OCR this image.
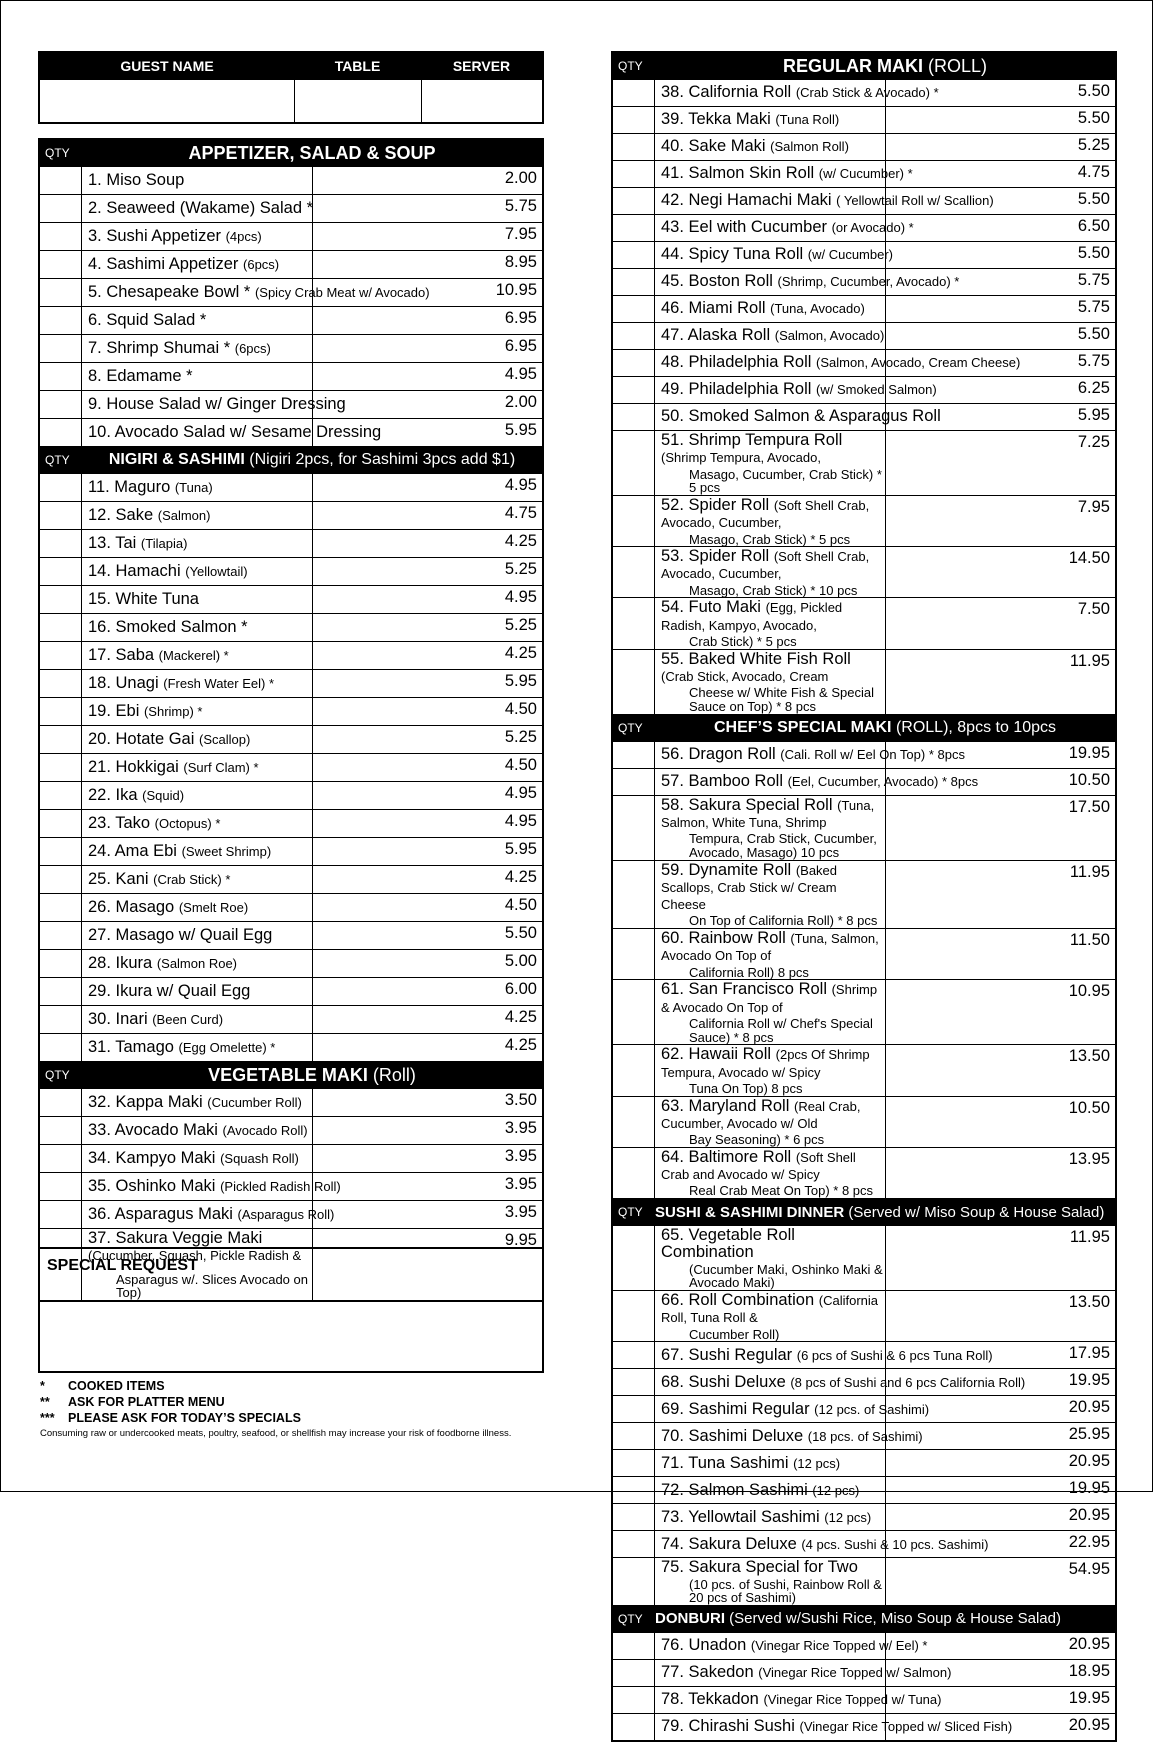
GUEST NAME	TABLE	SERVER

QTY	APPETIZER, SALAD & SOUP	
	1. Miso Soup	2.00
	2. Seaweed (Wakame) Salad *	5.75
	3. Sushi Appetizer (4pcs)	7.95
	4. Sashimi Appetizer (6pcs)	8.95
	5. Chesapeake Bowl * (Spicy Crab Meat w/ Avocado)	10.95
	6. Squid Salad *	6.95
	7. Shrimp Shumai * (6pcs)	6.95
	8. Edamame *	4.95
	9. House Salad w/ Ginger Dressing	2.00
	10. Avocado Salad w/ Sesame Dressing	5.95
QTY	NIGIRI & SASHIMI (Nigiri 2pcs, for Sashimi 3pcs add $1)	
	11. Maguro (Tuna)	4.95
	12. Sake (Salmon)	4.75
	13. Tai (Tilapia)	4.25
	14. Hamachi (Yellowtail)	5.25
	15. White Tuna	4.95
	16. Smoked Salmon *	5.25
	17. Saba (Mackerel) *	4.25
	18. Unagi (Fresh Water Eel) *	5.95
	19. Ebi (Shrimp) *	4.50
	20. Hotate Gai (Scallop)	5.25
	21. Hokkigai (Surf Clam) *	4.50
	22. Ika (Squid)	4.95
	23. Tako (Octopus) *	4.95
	24. Ama Ebi (Sweet Shrimp)	5.95
	25. Kani (Crab Stick) *	4.25
	26. Masago (Smelt Roe)	4.50
	27. Masago w/ Quail Egg	5.50
	28. Ikura (Salmon Roe)	5.00
	29. Ikura w/ Quail Egg	6.00
	30. Inari (Been Curd)	4.25
	31. Tamago (Egg Omelette) *	4.25
QTY	VEGETABLE MAKI (Roll)	
	32. Kappa Maki (Cucumber Roll)	3.50
	33. Avocado Maki (Avocado Roll)	3.95
	34. Kampyo Maki (Squash Roll)	3.95
	35. Oshinko Maki (Pickled Radish Roll)	3.95
	36. Asparagus Maki (Asparagus Roll)	3.95
	37. Sakura Veggie Maki (Cucumber, Squash, Pickle Radish &
Asparagus w/. Slices Avocado on Top)	9.95
SPECIAL REQUEST
*	COOKED ITEMS
**	ASK FOR PLATTER MENU
***	PLEASE ASK FOR TODAY’S SPECIALS
Consuming raw or undercooked meats, poultry, seafood, or shellfish may increase your risk of foodborne illness.
QTY	REGULAR MAKI (ROLL)	
	38. California Roll (Crab Stick & Avocado) *	5.50
	39. Tekka Maki (Tuna Roll)	5.50
	40. Sake Maki (Salmon Roll)	5.25
	41. Salmon Skin Roll (w/ Cucumber) *	4.75
	42. Negi Hamachi Maki ( Yellowtail Roll w/ Scallion)	5.50
	43. Eel with Cucumber (or Avocado) *	6.50
	44. Spicy Tuna Roll (w/ Cucumber)	5.50
	45. Boston Roll (Shrimp, Cucumber, Avocado) *	5.75
	46. Miami Roll (Tuna, Avocado)	5.75
	47. Alaska Roll (Salmon, Avocado)	5.50
	48. Philadelphia Roll (Salmon, Avocado, Cream Cheese)	5.75
	49. Philadelphia Roll (w/ Smoked Salmon)	6.25
	50. Smoked Salmon & Asparagus Roll	5.95
	51. Shrimp Tempura Roll (Shrimp Tempura, Avocado,
Masago, Cucumber, Crab Stick) * 5 pcs	7.25
	52. Spider Roll (Soft Shell Crab, Avocado, Cucumber,
Masago, Crab Stick) * 5 pcs	7.95
	53. Spider Roll (Soft Shell Crab, Avocado, Cucumber,
Masago, Crab Stick) * 10 pcs	14.50
	54. Futo Maki (Egg, Pickled Radish, Kampyo, Avocado,
Crab Stick) * 5 pcs	7.50
	55. Baked White Fish Roll (Crab Stick, Avocado, Cream
Cheese w/ White Fish & Special Sauce on Top) * 8 pcs	11.95
QTY	CHEF’S SPECIAL MAKI (ROLL), 8pcs to 10pcs	
	56. Dragon Roll (Cali. Roll w/ Eel On Top) * 8pcs	19.95
	57. Bamboo Roll (Eel, Cucumber, Avocado) * 8pcs	10.50
	58. Sakura Special Roll (Tuna, Salmon, White Tuna, Shrimp
Tempura, Crab Stick, Cucumber, Avocado, Masago) 10 pcs	17.50
	59. Dynamite Roll (Baked Scallops, Crab Stick w/ Cream Cheese
On Top of California Roll) * 8 pcs	11.95
	60. Rainbow Roll (Tuna, Salmon, Avocado On Top of
California Roll) 8 pcs	11.50
	61. San Francisco Roll (Shrimp & Avocado On Top of
California Roll w/ Chef's Special Sauce) * 8 pcs	10.95
	62. Hawaii Roll (2pcs Of Shrimp Tempura, Avocado w/ Spicy
Tuna On Top) 8 pcs	13.50
	63. Maryland Roll (Real Crab, Cucumber, Avocado w/ Old
Bay Seasoning) * 6 pcs	10.50
	64. Baltimore Roll (Soft Shell Crab and Avocado w/ Spicy
Real Crab Meat On Top) * 8 pcs	13.95
QTY	SUSHI & SASHIMI DINNER (Served w/ Miso Soup & House Salad)	
	65. Vegetable Roll Combination
(Cucumber Maki, Oshinko Maki & Avocado Maki)	11.95
	66. Roll Combination (California Roll, Tuna Roll &
Cucumber Roll)	13.50
	67. Sushi Regular (6 pcs of Sushi & 6 pcs Tuna Roll)	17.95
	68. Sushi Deluxe (8 pcs of Sushi and 6 pcs California Roll)	19.95
	69. Sashimi Regular (12 pcs. of Sashimi)	20.95
	70. Sashimi Deluxe (18 pcs. of Sashimi)	25.95
	71. Tuna Sashimi (12 pcs)	20.95
	72. Salmon Sashimi (12 pcs)	19.95
	73. Yellowtail Sashimi (12 pcs)	20.95
	74. Sakura Deluxe (4 pcs. Sushi & 10 pcs. Sashimi)	22.95
	75. Sakura Special for Two
(10 pcs. of Sushi, Rainbow Roll & 20 pcs of Sashimi)	54.95
QTY	DONBURI (Served w/Sushi Rice, Miso Soup & House Salad)	
	76. Unadon (Vinegar Rice Topped w/ Eel) *	20.95
	77. Sakedon (Vinegar Rice Topped w/ Salmon)	18.95
	78. Tekkadon (Vinegar Rice Topped w/ Tuna)	19.95
	79. Chirashi Sushi (Vinegar Rice Topped w/ Sliced Fish)	20.95
